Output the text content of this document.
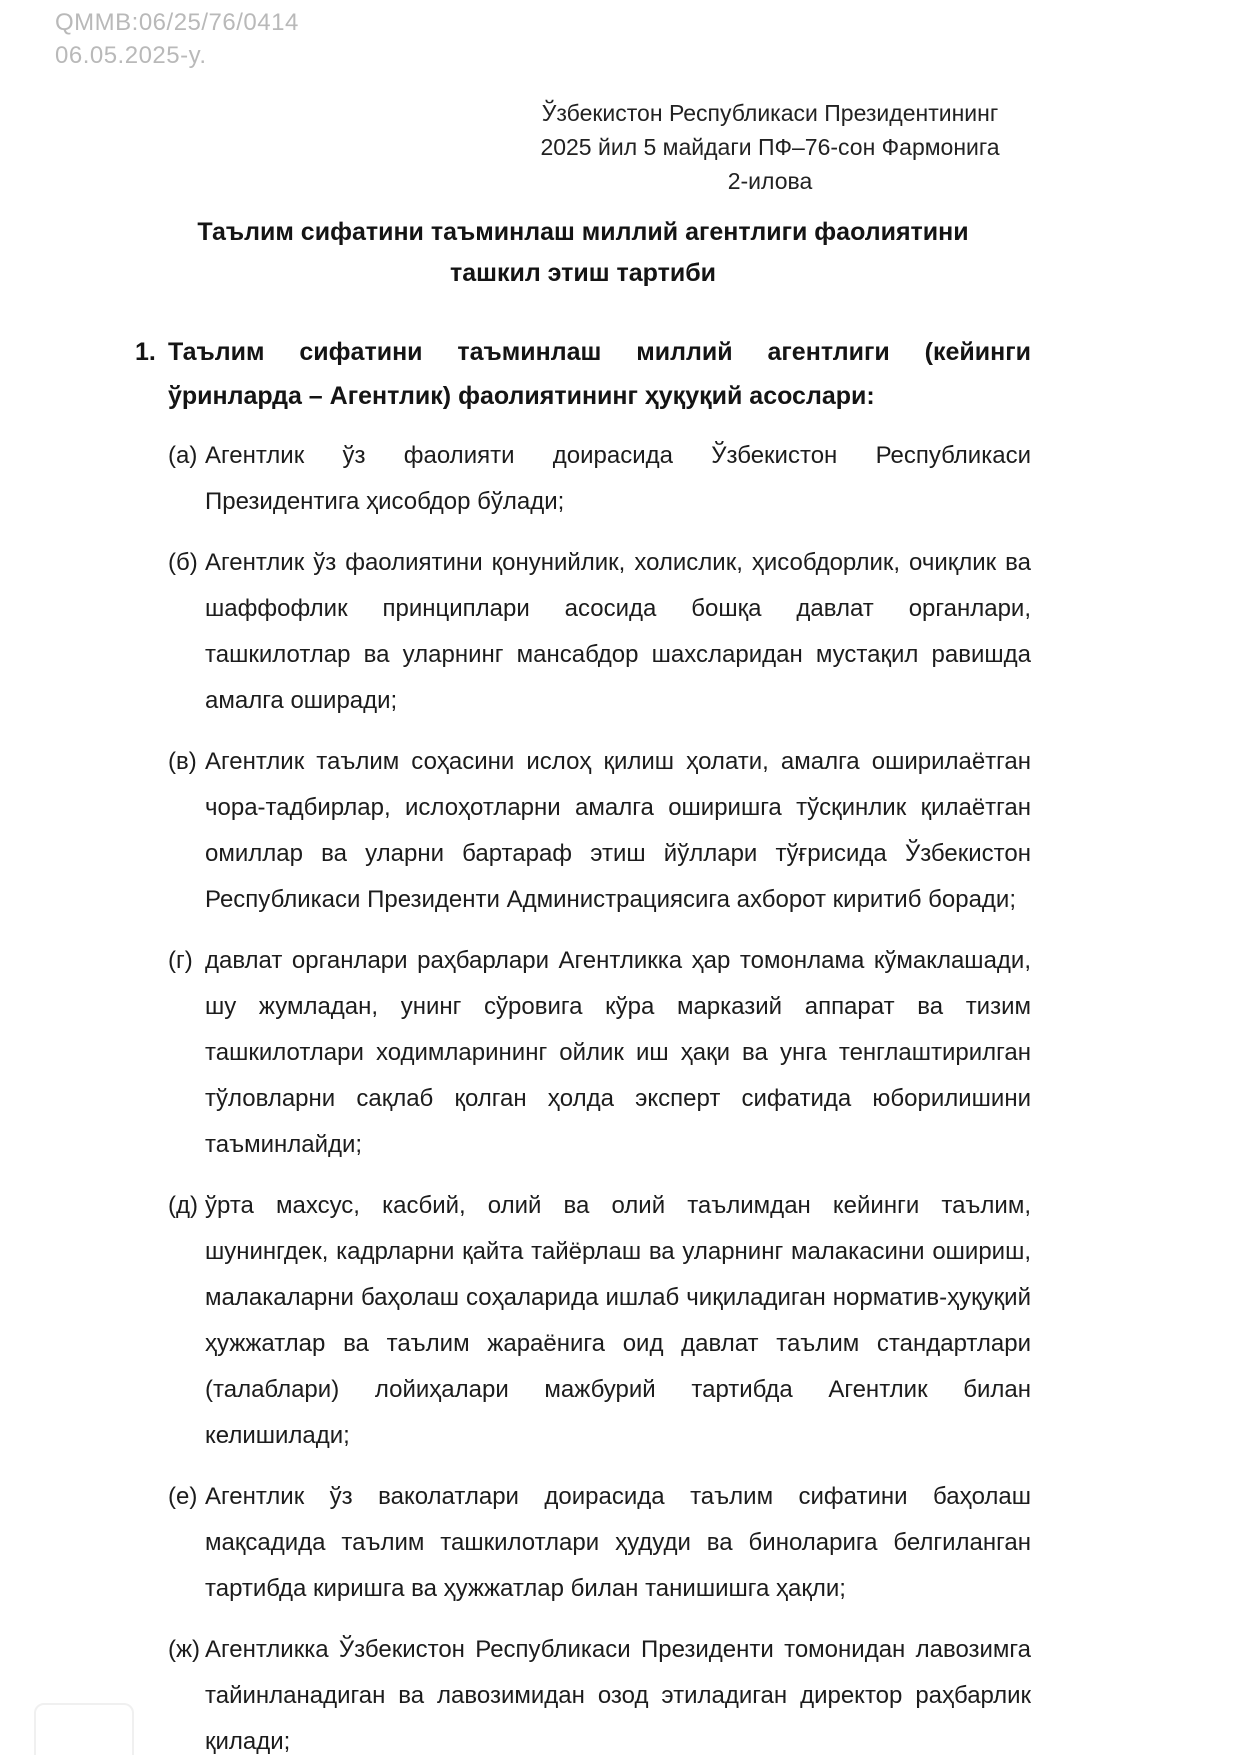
QMMB:06/25/76/0414
06.05.2025-y.
Ўзбекистон Республикаси Президентининг
2025 йил 5 майдаги ПФ–76-сон Фармонига
2-илова
Таълим сифатини таъминлаш миллий агентлиги фаолиятини
ташкил этиш тартиби
1. Таълим сифатини таъминлаш миллий агентлиги (кейинги ўринларда – Агентлик) фаолиятининг ҳуқуқий асослари:
(а) Агентлик ўз фаолияти доирасида Ўзбекистон Республикаси Президентига ҳисобдор бўлади;
(б) Агентлик ўз фаолиятини қонунийлик, холислик, ҳисобдорлик, очиқлик ва шаффофлик принциплари асосида бошқа давлат органлари, ташкилотлар ва уларнинг мансабдор шахсларидан мустақил равишда амалга оширади;
(в) Агентлик таълим соҳасини ислоҳ қилиш ҳолати, амалга оширилаётган чора-тадбирлар, ислоҳотларни амалга оширишга тўсқинлик қилаётган омиллар ва уларни бартараф этиш йўллари тўғрисида Ўзбекистон Республикаси Президенти Администрациясига ахборот киритиб боради;
(г) давлат органлари раҳбарлари Агентликка ҳар томонлама кўмаклашади, шу жумладан, унинг сўровига кўра марказий аппарат ва тизим ташкилотлари ходимларининг ойлик иш ҳақи ва унга тенглаштирилган тўловларни сақлаб қолган ҳолда эксперт сифатида юборилишини таъминлайди;
(д) ўрта махсус, касбий, олий ва олий таълимдан кейинги таълим, шунингдек, кадрларни қайта тайёрлаш ва уларнинг малакасини ошириш, малакаларни баҳолаш соҳаларида ишлаб чиқиладиган норматив-ҳуқуқий ҳужжатлар ва таълим жараёнига оид давлат таълим стандартлари (талаблари) лойиҳалари мажбурий тартибда Агентлик билан келишилади;
(е) Агентлик ўз ваколатлари доирасида таълим сифатини баҳолаш мақсадида таълим ташкилотлари ҳудуди ва биноларига белгиланган тартибда киришга ва ҳужжатлар билан танишишга ҳақли;
(ж) Агентликка Ўзбекистон Республикаси Президенти томонидан лавозимга тайинланадиган ва лавозимидан озод этиладиган директор раҳбарлик қилади;
